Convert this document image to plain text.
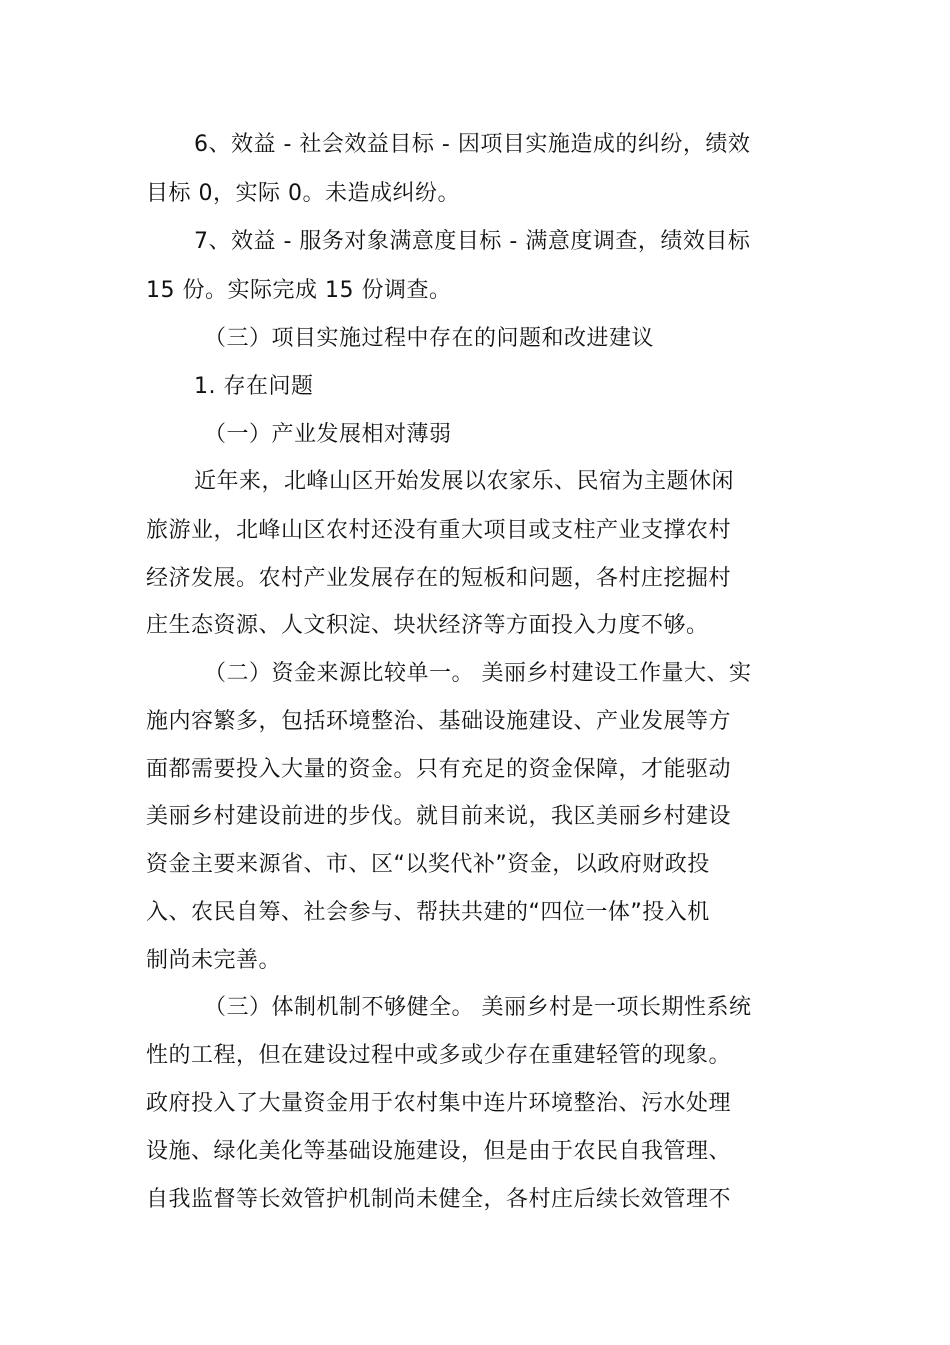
6、效益 - 社会效益目标 - 因项目实施造成的纠纷，绩效

目标 0，实际 0。未造成纠纷。

7、效益 - 服务对象满意度目标 - 满意度调查，绩效目标

15 份。实际完成 15 份调查。

（三）项目实施过程中存在的问题和改进建议

1. 存在问题

（一）产业发展相对薄弱

近年来，北峰山区开始发展以农家乐、民宿为主题休闲

旅游业，北峰山区农村还没有重大项目或支柱产业支撑农村

经济发展。农村产业发展存在的短板和问题，各村庄挖掘村

庄生态资源、人文积淀、块状经济等方面投入力度不够。

（二）资金来源比较单一。 美丽乡村建设工作量大、实

施内容繁多，包括环境整治、基础设施建设、产业发展等方

面都需要投入大量的资金。只有充足的资金保障，才能驱动

美丽乡村建设前进的步伐。就目前来说，我区美丽乡村建设

资金主要来源省、市、区“以奖代补”资金，以政府财政投

入、农民自筹、社会参与、帮扶共建的“四位一体”投入机

制尚未完善。

（三）体制机制不够健全。 美丽乡村是一项长期性系统

性的工程，但在建设过程中或多或少存在重建轻管的现象。

政府投入了大量资金用于农村集中连片环境整治、污水处理

设施、绿化美化等基础设施建设，但是由于农民自我管理、

自我监督等长效管护机制尚未健全，各村庄后续长效管理不
